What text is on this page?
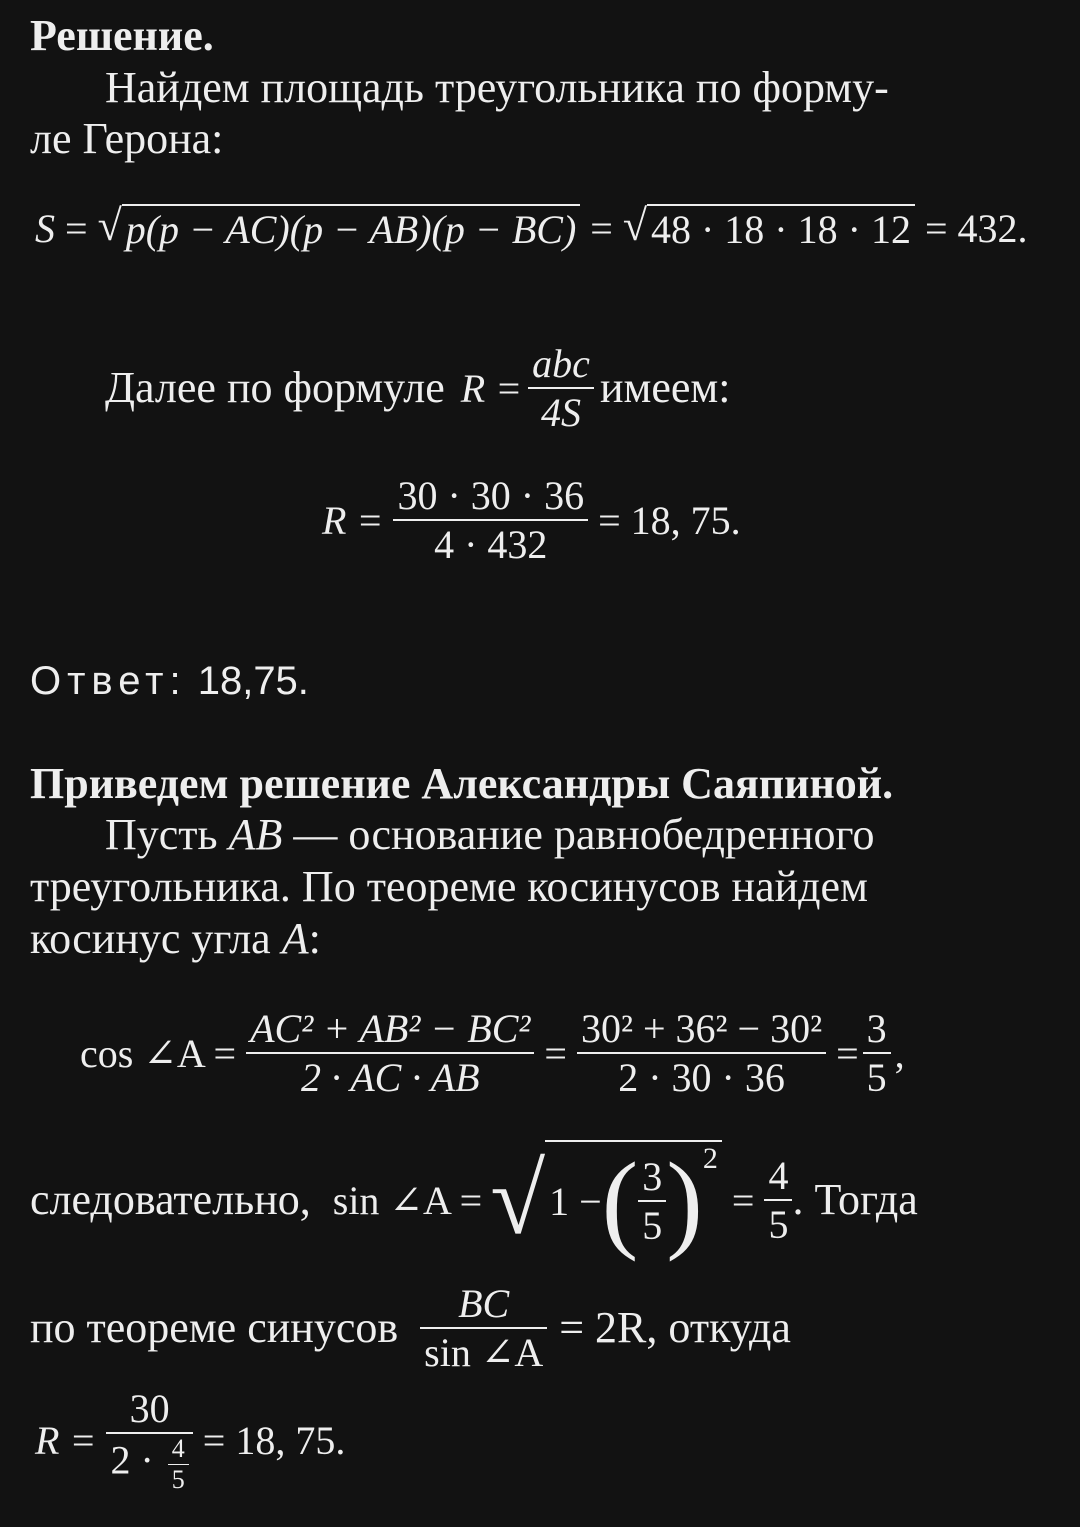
Решение.
Найдем площадь треугольника по форму-
ле Герона:
S = √ p(p − AC)(p − AB)(p − BC) = √ 48 · 18 · 18 · 12
= 432.
Далее по формуле $R = \frac{\text{abc}}{4S}$ имеем:
$R = \frac{30 \cdot 30 \cdot 36}{4 \cdot 432} = 18$, 75.
Ответ: 18,75.
Приведем решение Александры Саяпиной.
Пусть AB — основание равнобедренного
треугольника. По теореме косинусов найдем
косинус угла A:
cos ∠A = $\frac{\text{AC² + AB² − BC²}}{2 \cdot AC \cdot AB} = \frac{\text{30² + 36² − 30²}}{2 \cdot 30 \cdot 36} = \frac{3}{5}$ ,
следовательно, sin ∠A = √ 1 − ( $\frac{3}{5}$ ) 2
= $\frac{4}{5}$ . Тогда
по теореме синусов $\frac{BC}{\sin \angle A} = 2R$, откуда
$R = \frac{30}{2 \cdot \frac{4}{5}} = 18$, 75.
